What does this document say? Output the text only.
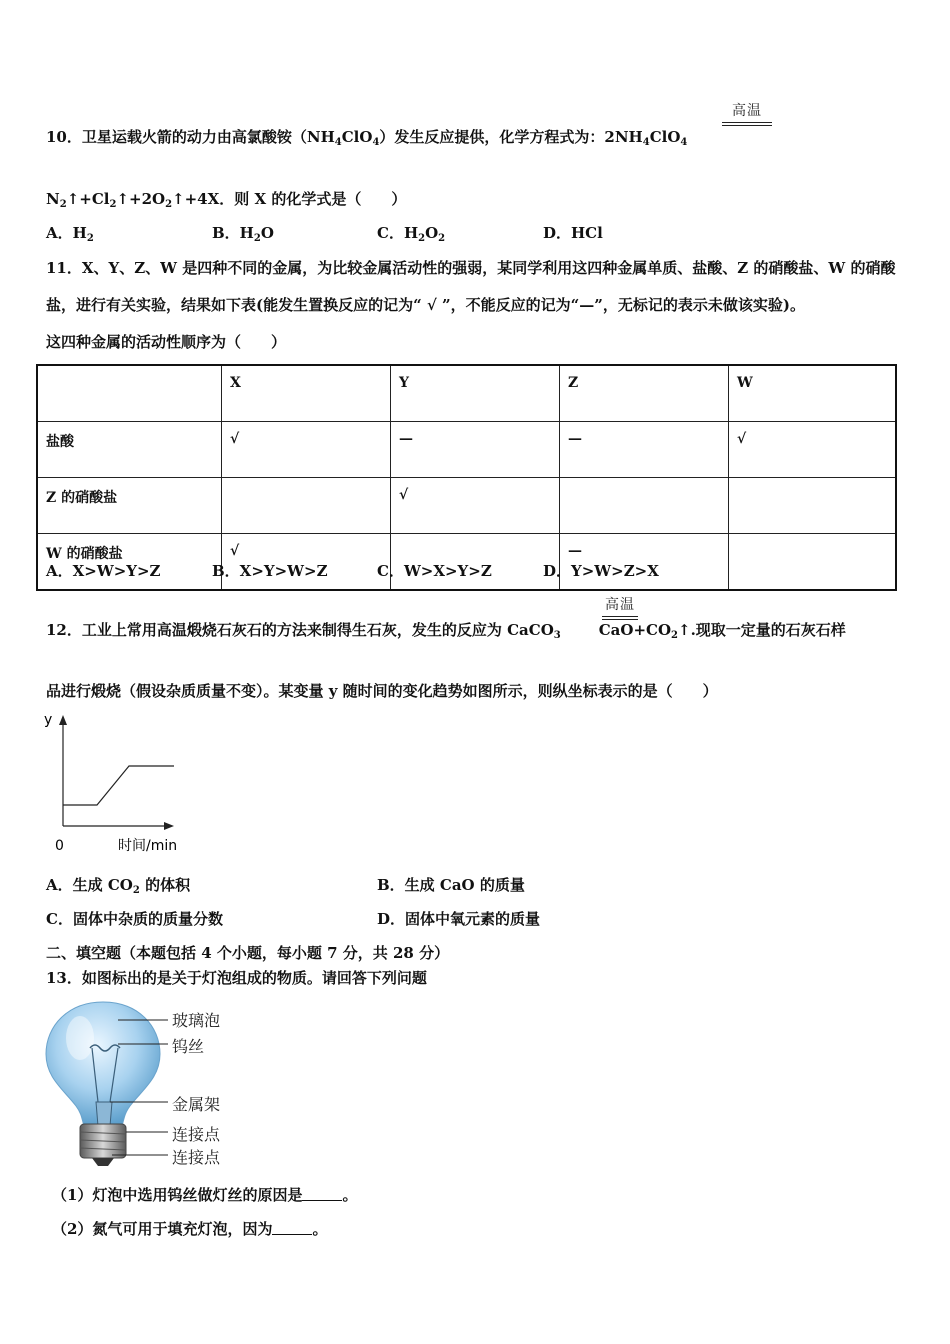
高温
10．卫星运载火箭的动力由高氯酸铵$(NH_4ClO_4)$发生反应提供，化学方程式为：$2NH_4ClO_4$
$N_2↑+Cl_2↑+2O_2↑+4X$．则 X 的化学式是（　　）
A．$H_2$	B．$H_2O$	C．$H_2O_2$	D．HCl
11．X、Y、Z、W 是四种不同的金属，为比较金属活动性的强弱，某同学利用这四种金属单质、盐酸、Z 的硝酸盐、W 的硝酸
盐，进行有关实验，结果如下表(能发生置换反应的记为“ √ ”，不能反应的记为“—”，无标记的表示未做该实验)。
这四种金属的活动性顺序为（　　）
	X	Y	Z	W
盐酸	√	—	—	√
Z 的硝酸盐		√		
W 的硝酸盐	√		—	
A．X>W>Y>Z	B．X>Y>W>Z	C．W>X>Y>Z	D．Y>W>Z>X
高温
12．工业上常用高温煅烧石灰石的方法来制得生石灰，发生的反应为 CaCO$_3$	$CaO+CO_2↑$.现取一定量的石灰石样
品进行煅烧（假设杂质质量不变）。某变量 y 随时间的变化趋势如图所示，则纵坐标表示的是（　　）
y
0	时间/min
A．生成 $CO_2$ 的体积	B．生成 CaO 的质量
C．固体中杂质的质量分数	D．固体中氧元素的质量
二、填空题（本题包括 4 个小题，每小题 7 分，共 28 分）
13．如图标出的是关于灯泡组成的物质。请回答下列问题
玻璃泡
钨丝
金属架
连接点
连接点
（1）灯泡中选用钨丝做灯丝的原因是	。
（2）氮气可用于填充灯泡，因为	。
